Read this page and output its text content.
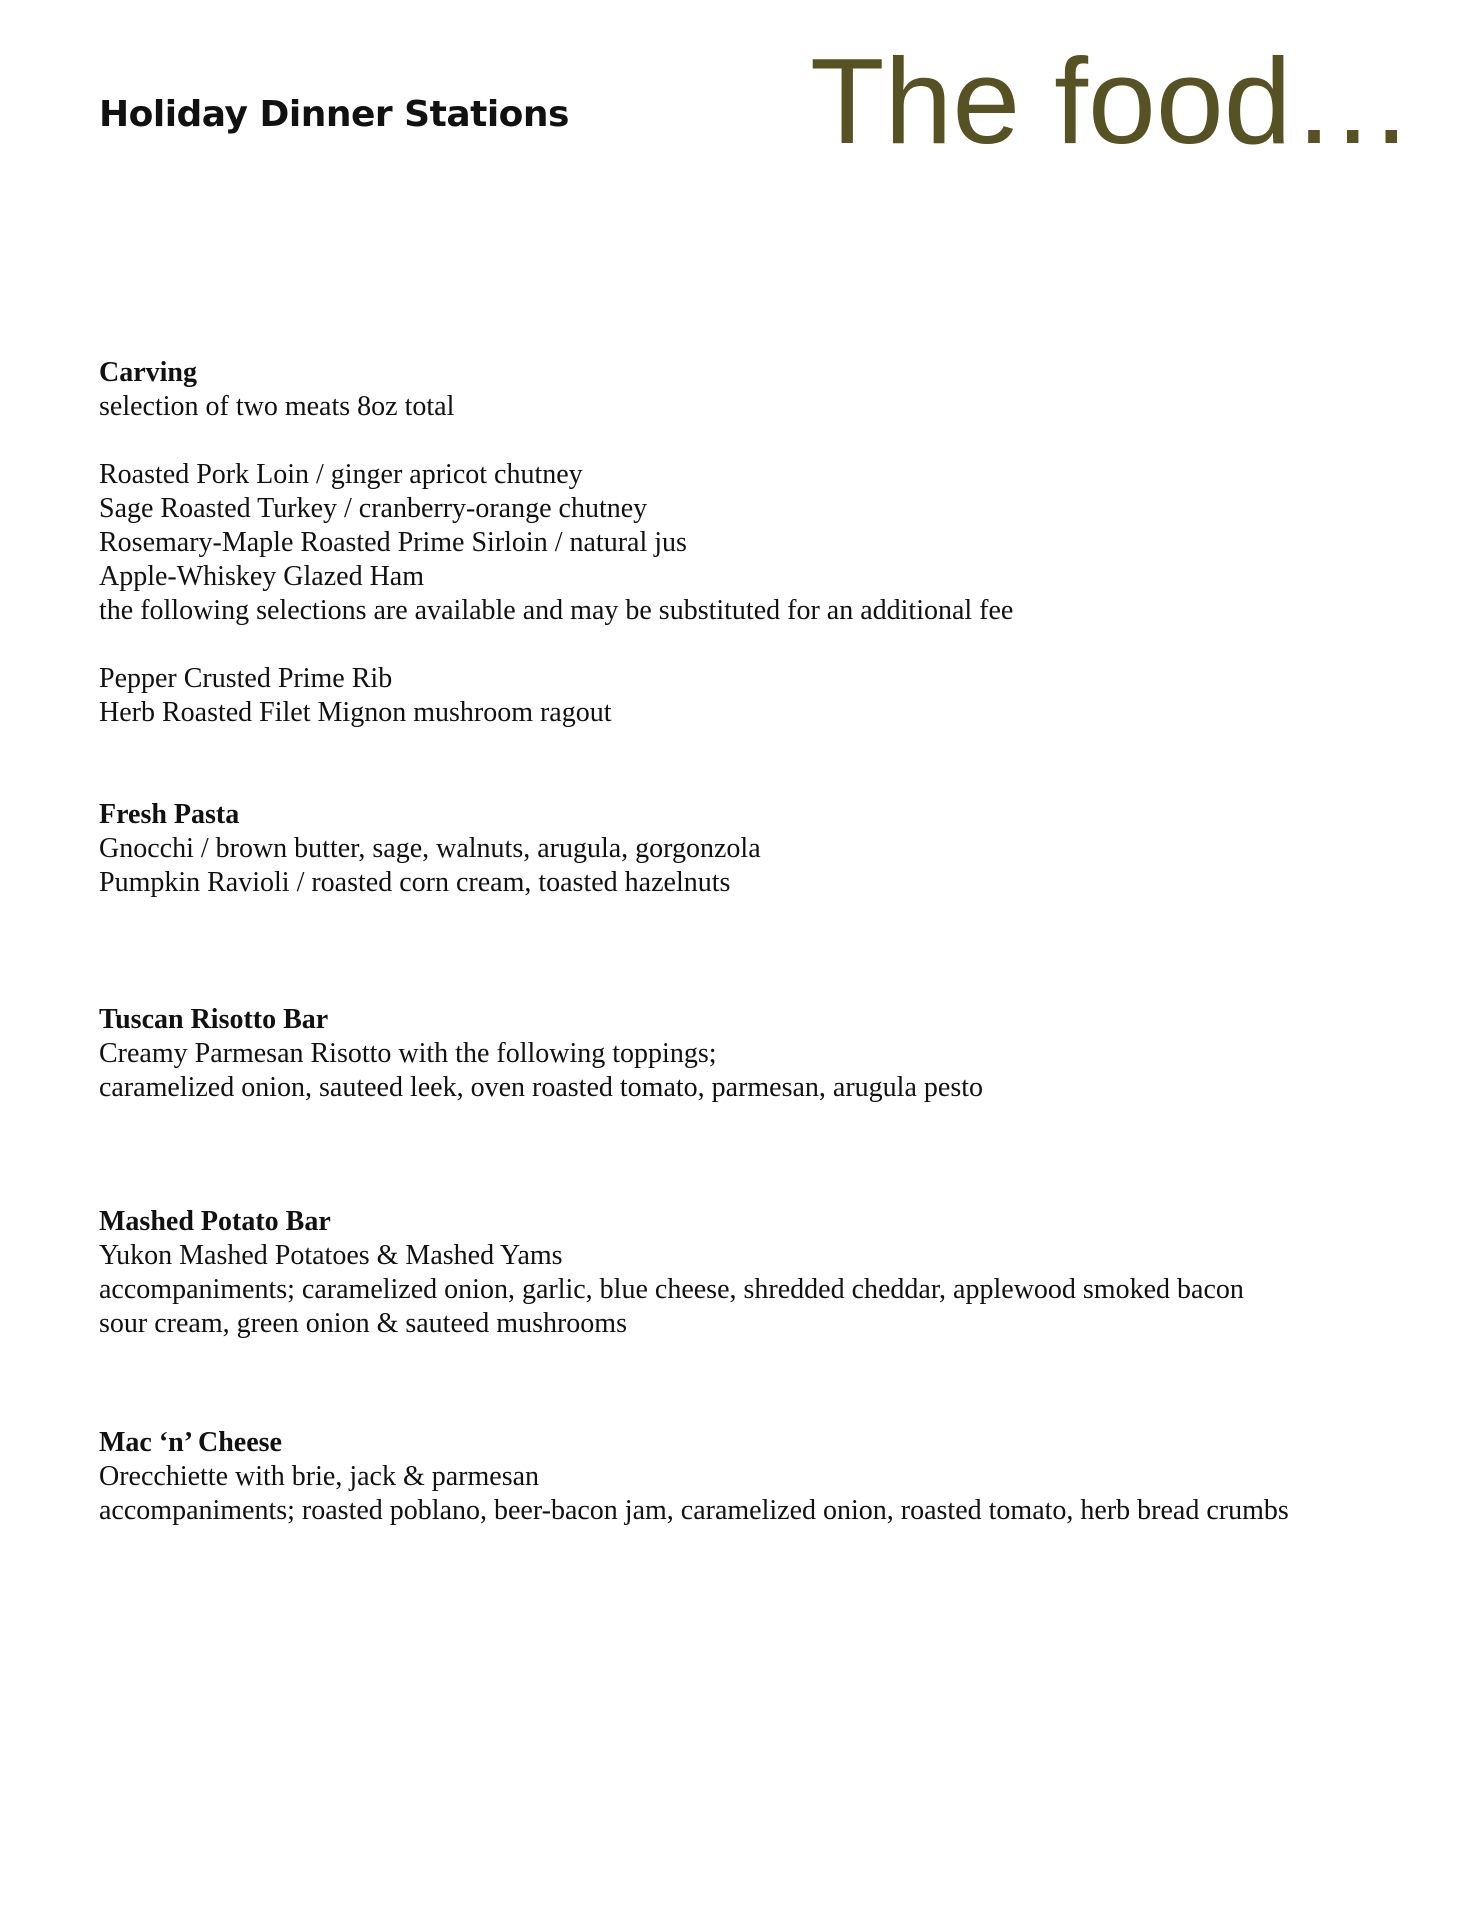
Holiday Dinner Stations The food…
Carving
selection of two meats 8oz total
Roasted Pork Loin / ginger apricot chutney
Sage Roasted Turkey / cranberry-orange chutney
Rosemary-Maple Roasted Prime Sirloin / natural jus
Apple-Whiskey Glazed Ham
the following selections are available and may be substituted for an additional fee
Pepper Crusted Prime Rib
Herb Roasted Filet Mignon mushroom ragout
Fresh Pasta
Gnocchi / brown butter, sage, walnuts, arugula, gorgonzola
Pumpkin Ravioli / roasted corn cream, toasted hazelnuts
Tuscan Risotto Bar
Creamy Parmesan Risotto with the following toppings;
caramelized onion, sauteed leek, oven roasted tomato, parmesan, arugula pesto
Mashed Potato Bar
Yukon Mashed Potatoes & Mashed Yams
accompaniments; caramelized onion, garlic, blue cheese, shredded cheddar, applewood smoked bacon
sour cream, green onion & sauteed mushrooms
Mac ‘n’ Cheese
Orecchiette with brie, jack & parmesan
accompaniments; roasted poblano, beer-bacon jam, caramelized onion, roasted tomato, herb bread crumbs
